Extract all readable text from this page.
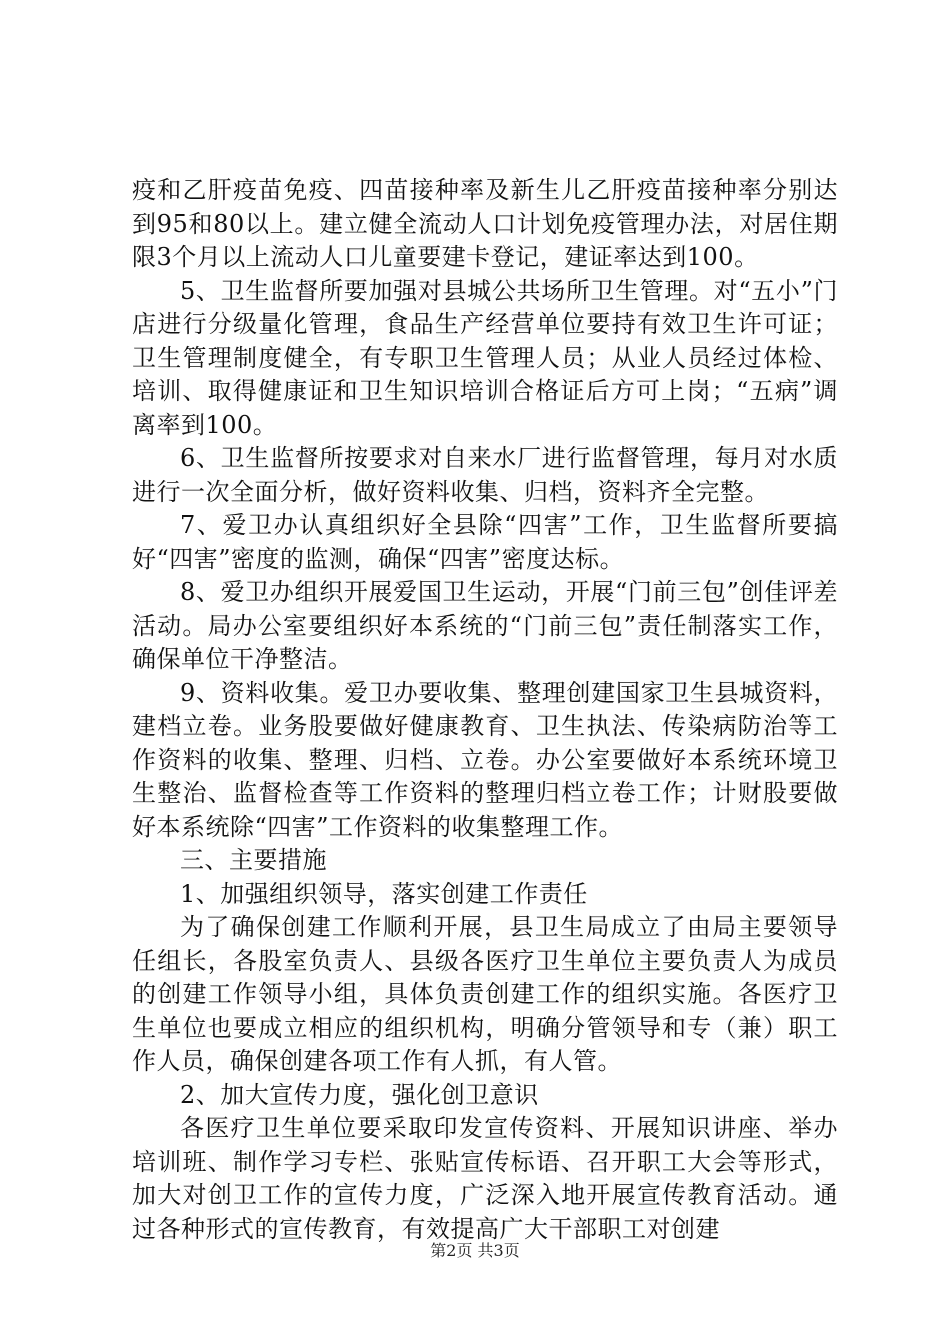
疫和乙肝疫苗免疫、四苗接种率及新生儿乙肝疫苗接种率分别达到95和80以上。建立健全流动人口计划免疫管理办法，对居住期限3个月以上流动人口儿童要建卡登记，建证率达到100。

5、卫生监督所要加强对县城公共场所卫生管理。对“五小”门店进行分级量化管理，食品生产经营单位要持有效卫生许可证；卫生管理制度健全，有专职卫生管理人员；从业人员经过体检、培训、取得健康证和卫生知识培训合格证后方可上岗；“五病”调离率到100。

6、卫生监督所按要求对自来水厂进行监督管理，每月对水质进行一次全面分析，做好资料收集、归档，资料齐全完整。

7、爱卫办认真组织好全县除“四害”工作，卫生监督所要搞好“四害”密度的监测，确保“四害”密度达标。

8、爱卫办组织开展爱国卫生运动，开展“门前三包”创佳评差活动。局办公室要组织好本系统的“门前三包”责任制落实工作，确保单位干净整洁。

9、资料收集。爱卫办要收集、整理创建国家卫生县城资料，建档立卷。业务股要做好健康教育、卫生执法、传染病防治等工作资料的收集、整理、归档、立卷。办公室要做好本系统环境卫生整治、监督检查等工作资料的整理归档立卷工作；计财股要做好本系统除“四害”工作资料的收集整理工作。

三、主要措施

1、加强组织领导，落实创建工作责任

为了确保创建工作顺利开展，县卫生局成立了由局主要领导任组长，各股室负责人、县级各医疗卫生单位主要负责人为成员的创建工作领导小组，具体负责创建工作的组织实施。各医疗卫生单位也要成立相应的组织机构，明确分管领导和专（兼）职工作人员，确保创建各项工作有人抓，有人管。

2、加大宣传力度，强化创卫意识

各医疗卫生单位要采取印发宣传资料、开展知识讲座、举办培训班、制作学习专栏、张贴宣传标语、召开职工大会等形式，加大对创卫工作的宣传力度，广泛深入地开展宣传教育活动。通过各种形式的宣传教育，有效提高广大干部职工对创建

第2页 共3页
